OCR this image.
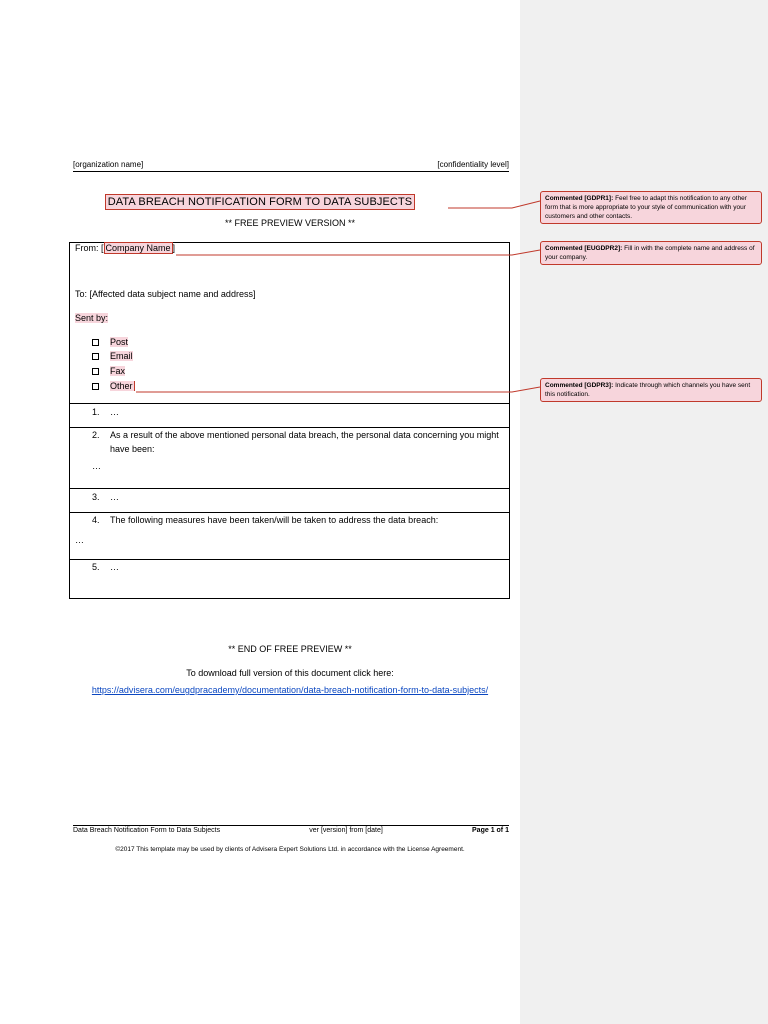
[organization name]	[confidentiality level]
DATA BREACH NOTIFICATION FORM TO DATA SUBJECTS
** FREE PREVIEW VERSION **
From: [ Company Name ]
To: [Affected data subject name and address]
Sent by:
Post
Email
Fax
Other
1. …
2. As a result of the above mentioned personal data breach, the personal data concerning you might have been:
…
3. …
4. The following measures have been taken/will be taken to address the data breach:
…
5. …
** END OF FREE PREVIEW **
To download full version of this document click here:
https://advisera.com/eugdpracademy/documentation/data-breach-notification-form-to-data-subjects/
Data Breach Notification Form to Data Subjects	ver [version] from [date]	Page 1 of 1
©2017 This template may be used by clients of Advisera Expert Solutions Ltd. in accordance with the License Agreement.
Commented [GDPR1]: Feel free to adapt this notification to any other form that is more appropriate to your style of communication with your customers and other contacts.
Commented [EUGDPR2]: Fill in with the complete name and address of your company.
Commented [GDPR3]: Indicate through which channels you have sent this notification.
